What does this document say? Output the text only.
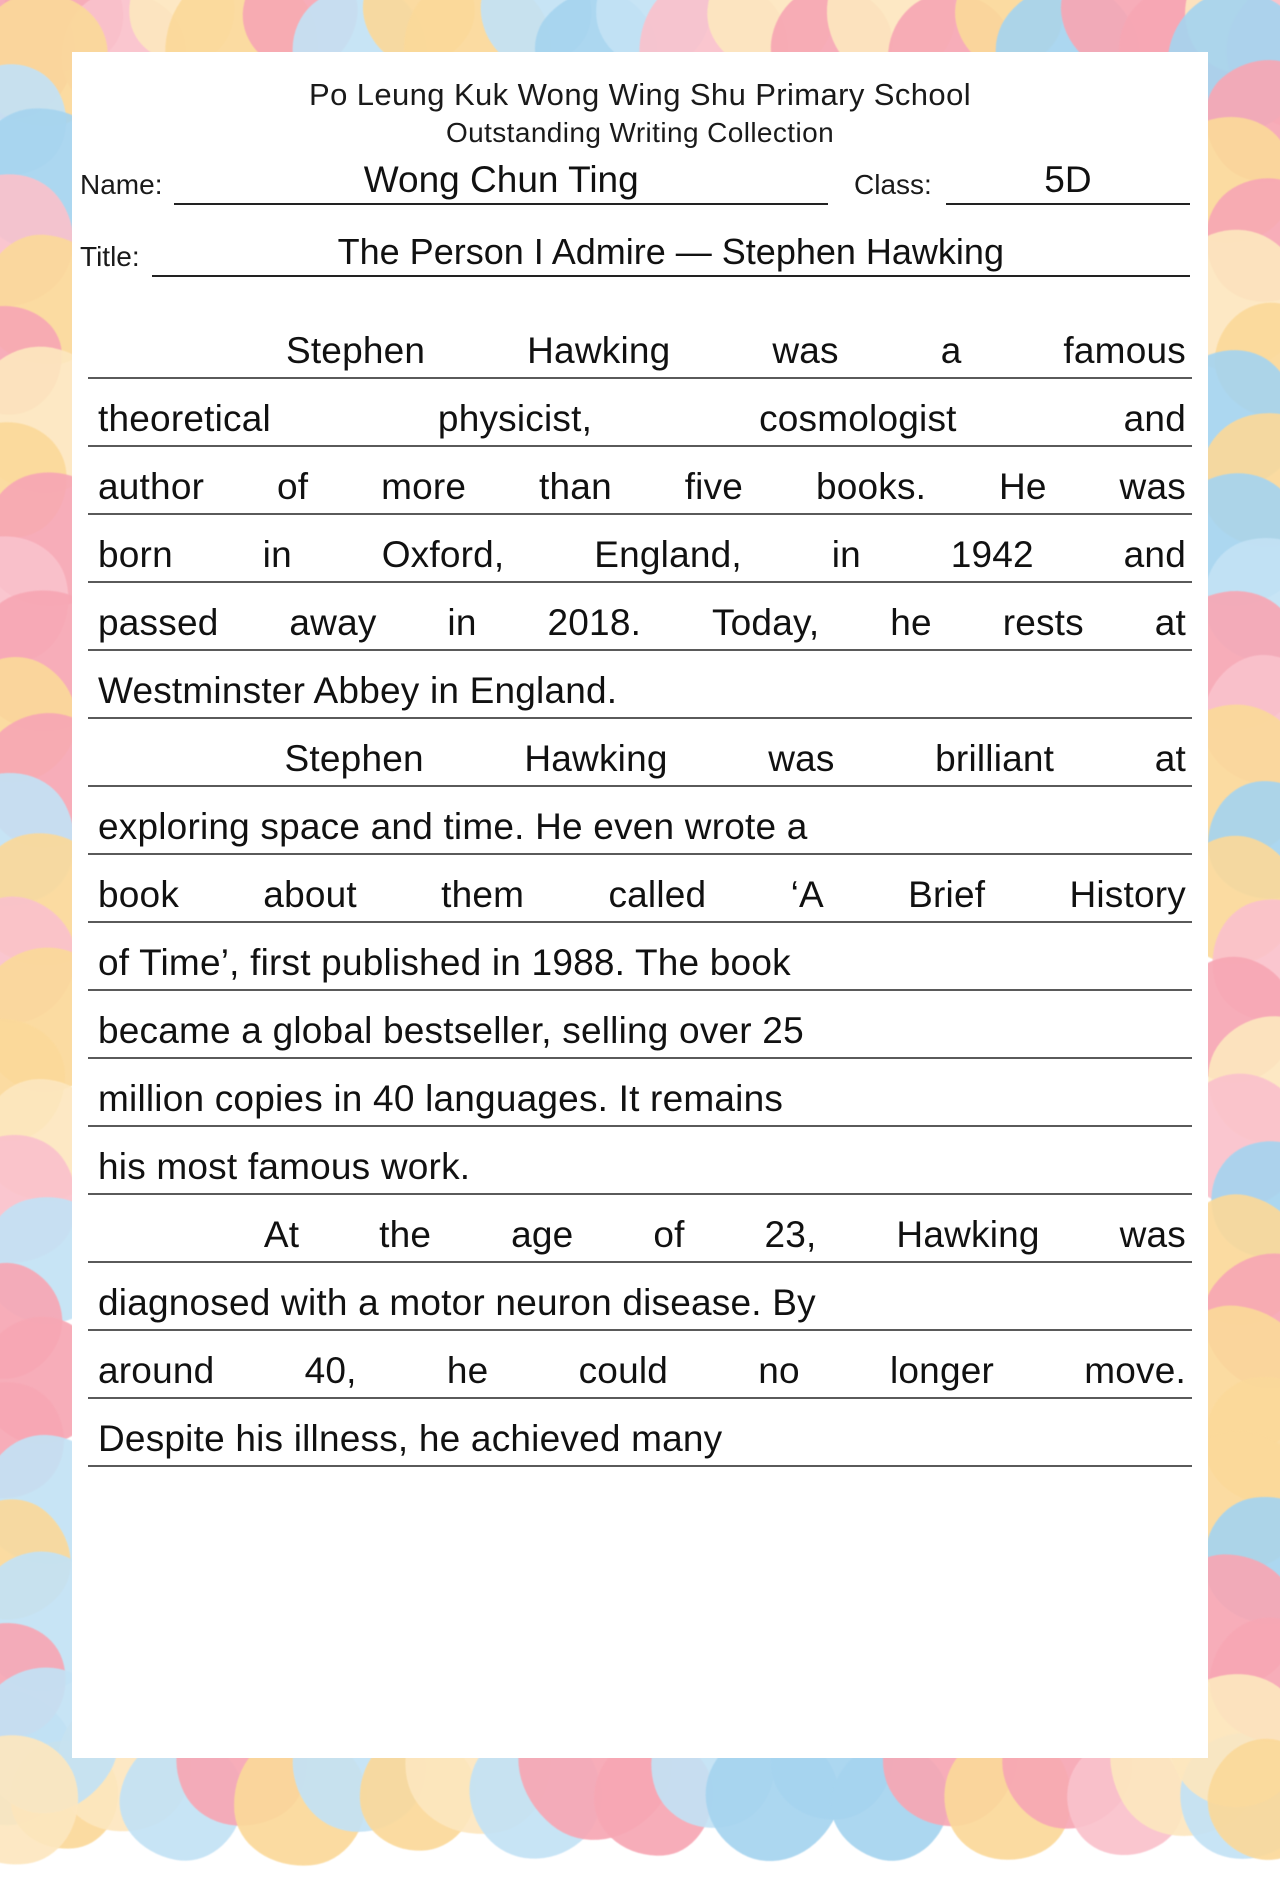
Po Leung Kuk Wong Wing Shu Primary School
Outstanding Writing Collection
Name:	Wong Chun Ting	Class:	5D
Title:	The Person I Admire — Stephen Hawking
Stephen	Hawking	was	a	famous
theoretical	physicist,	cosmologist	and
author of more than five books. He was
born in Oxford, England, in 1942 and
passed away in 2018. Today, he rests at
Westminster Abbey in England.
Stephen	Hawking	was	brilliant	at
exploring space and time. He even wrote a
book about them called ‘A Brief History
of Time’, first published in 1988. The book
became a global bestseller, selling over 25
million copies in 40 languages. It remains
his most famous work.
At the age of 23, Hawking was
diagnosed with a motor neuron disease. By
around 40, he could no longer move.
Despite his illness, he achieved many
